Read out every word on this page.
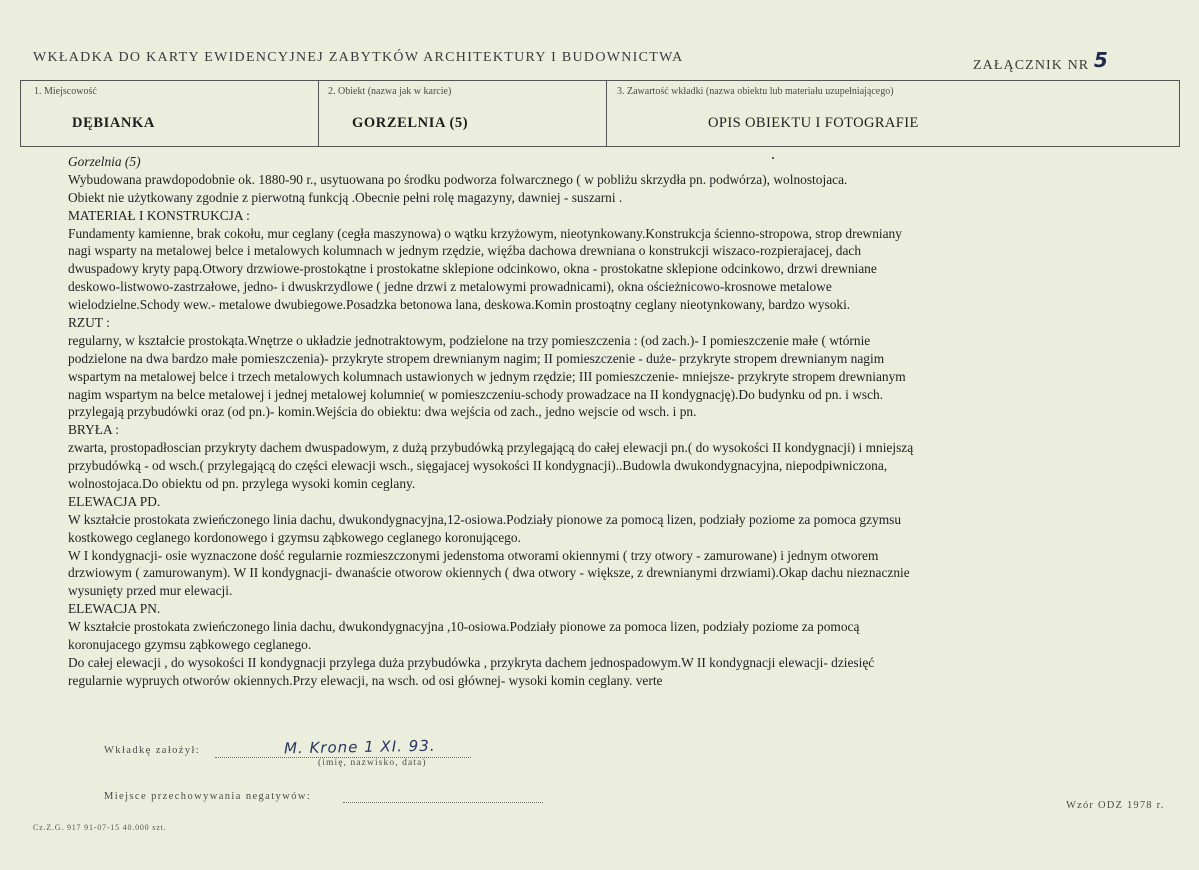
WKŁADKA DO KARTY EWIDENCYJNEJ ZABYTKÓW ARCHITEKTURY I BUDOWNICTWA
ZAŁĄCZNIK NR 5
1. Miejscowość	2. Obiekt (nazwa jak w karcie)	3. Zawartość wkładki (nazwa obiektu lub materiału uzupełniającego)
DĘBIANKA	GORZELNIA (5)	OPIS OBIEKTU I FOTOGRAFIE
Gorzelnia (5)
Wybudowana prawdopodobnie ok. 1880-90 r., usytuowana po środku podworza folwarcznego ( w pobliżu skrzydła pn. podwórza), wolnostojaca.
Obiekt nie użytkowany zgodnie z pierwotną funkcją .Obecnie pełni rolę magazyny, dawniej - suszarni .
MATERIAŁ I KONSTRUKCJA :
Fundamenty kamienne, brak cokołu, mur ceglany (cegła maszynowa) o wątku krzyżowym, nieotynkowany.Konstrukcja ścienno-stropowa, strop drewniany
nagi wsparty na metalowej belce i metalowych kolumnach w jednym rzędzie, więźba dachowa drewniana o konstrukcji wiszaco-rozpierajacej, dach
dwuspadowy kryty papą.Otwory drzwiowe-prostokątne i prostokatne sklepione odcinkowo, okna - prostokatne sklepione odcinkowo, drzwi drewniane
deskowo-listwowo-zastrzałowe, jedno- i dwuskrzydlowe ( jedne drzwi z metalowymi prowadnicami), okna ościeżnicowo-krosnowe metalowe
wielodzielne.Schody wew.- metalowe dwubiegowe.Posadzka betonowa lana, deskowa.Komin prostoątny ceglany nieotynkowany, bardzo wysoki.
RZUT :
regularny, w kształcie prostokąta.Wnętrze o układzie jednotraktowym, podzielone na trzy pomieszczenia : (od zach.)- I pomieszczenie małe ( wtórnie
podzielone na dwa bardzo małe pomieszczenia)- przykryte stropem drewnianym nagim; II pomieszczenie - duże- przykryte stropem drewnianym nagim
wspartym na metalowej belce i trzech metalowych kolumnach ustawionych w jednym rzędzie; III pomieszczenie- mniejsze- przykryte stropem drewnianym
nagim wspartym na belce metalowej i jednej metalowej kolumnie( w pomieszczeniu-schody prowadzace na II kondygnację).Do budynku od pn. i wsch.
przylegają przybudówki oraz (od pn.)- komin.Wejścia do obiektu: dwa wejścia od zach., jedno wejscie od wsch. i pn.
BRYŁA :
zwarta, prostopadłoscian przykryty dachem dwuspadowym, z dużą przybudówką przylegającą do całej elewacji pn.( do wysokości II kondygnacji) i mniejszą
przybudówką - od wsch.( przylegającą do części elewacji wsch., sięgajacej wysokości II kondygnacji)..Budowla dwukondygnacyjna, niepodpiwniczona,
wolnostojaca.Do obiektu od pn. przylega wysoki komin ceglany.
ELEWACJA PD.
W kształcie prostokata zwieńczonego linia dachu, dwukondygnacyjna,12-osiowa.Podziały pionowe za pomocą lizen, podziały poziome za pomoca gzymsu
kostkowego ceglanego kordonowego i gzymsu ząbkowego ceglanego koronującego.
W I kondygnacji- osie wyznaczone dość regularnie rozmieszczonymi jedenstoma otworami okiennymi ( trzy otwory - zamurowane) i jednym otworem
drzwiowym ( zamurowanym). W II kondygnacji- dwanaście otworow okiennych ( dwa otwory - większe, z drewnianymi drzwiami).Okap dachu nieznacznie
wysunięty przed mur elewacji.
ELEWACJA PN.
W kształcie prostokata zwieńczonego linia dachu, dwukondygnacyjna ,10-osiowa.Podziały pionowe za pomoca lizen, podziały poziome za pomocą
koronujacego gzymsu ząbkowego ceglanego.
Do całej elewacji , do wysokości II kondygnacji przylega duża przybudówka , przykryta dachem jednospadowym.W II kondygnacji elewacji- dziesięć
regularnie wypruych otworów okiennych.Przy elewacji, na wsch. od osi głównej- wysoki komin ceglany. verte
Wkładkę założył:	M. Krone 1 XI. 93.
(imię, nazwisko, data)
Miejsce przechowywania negatywów:
Wzór ODZ 1978 r.
Cz.Z.G. 917 91-07-15 40.000 szt.
